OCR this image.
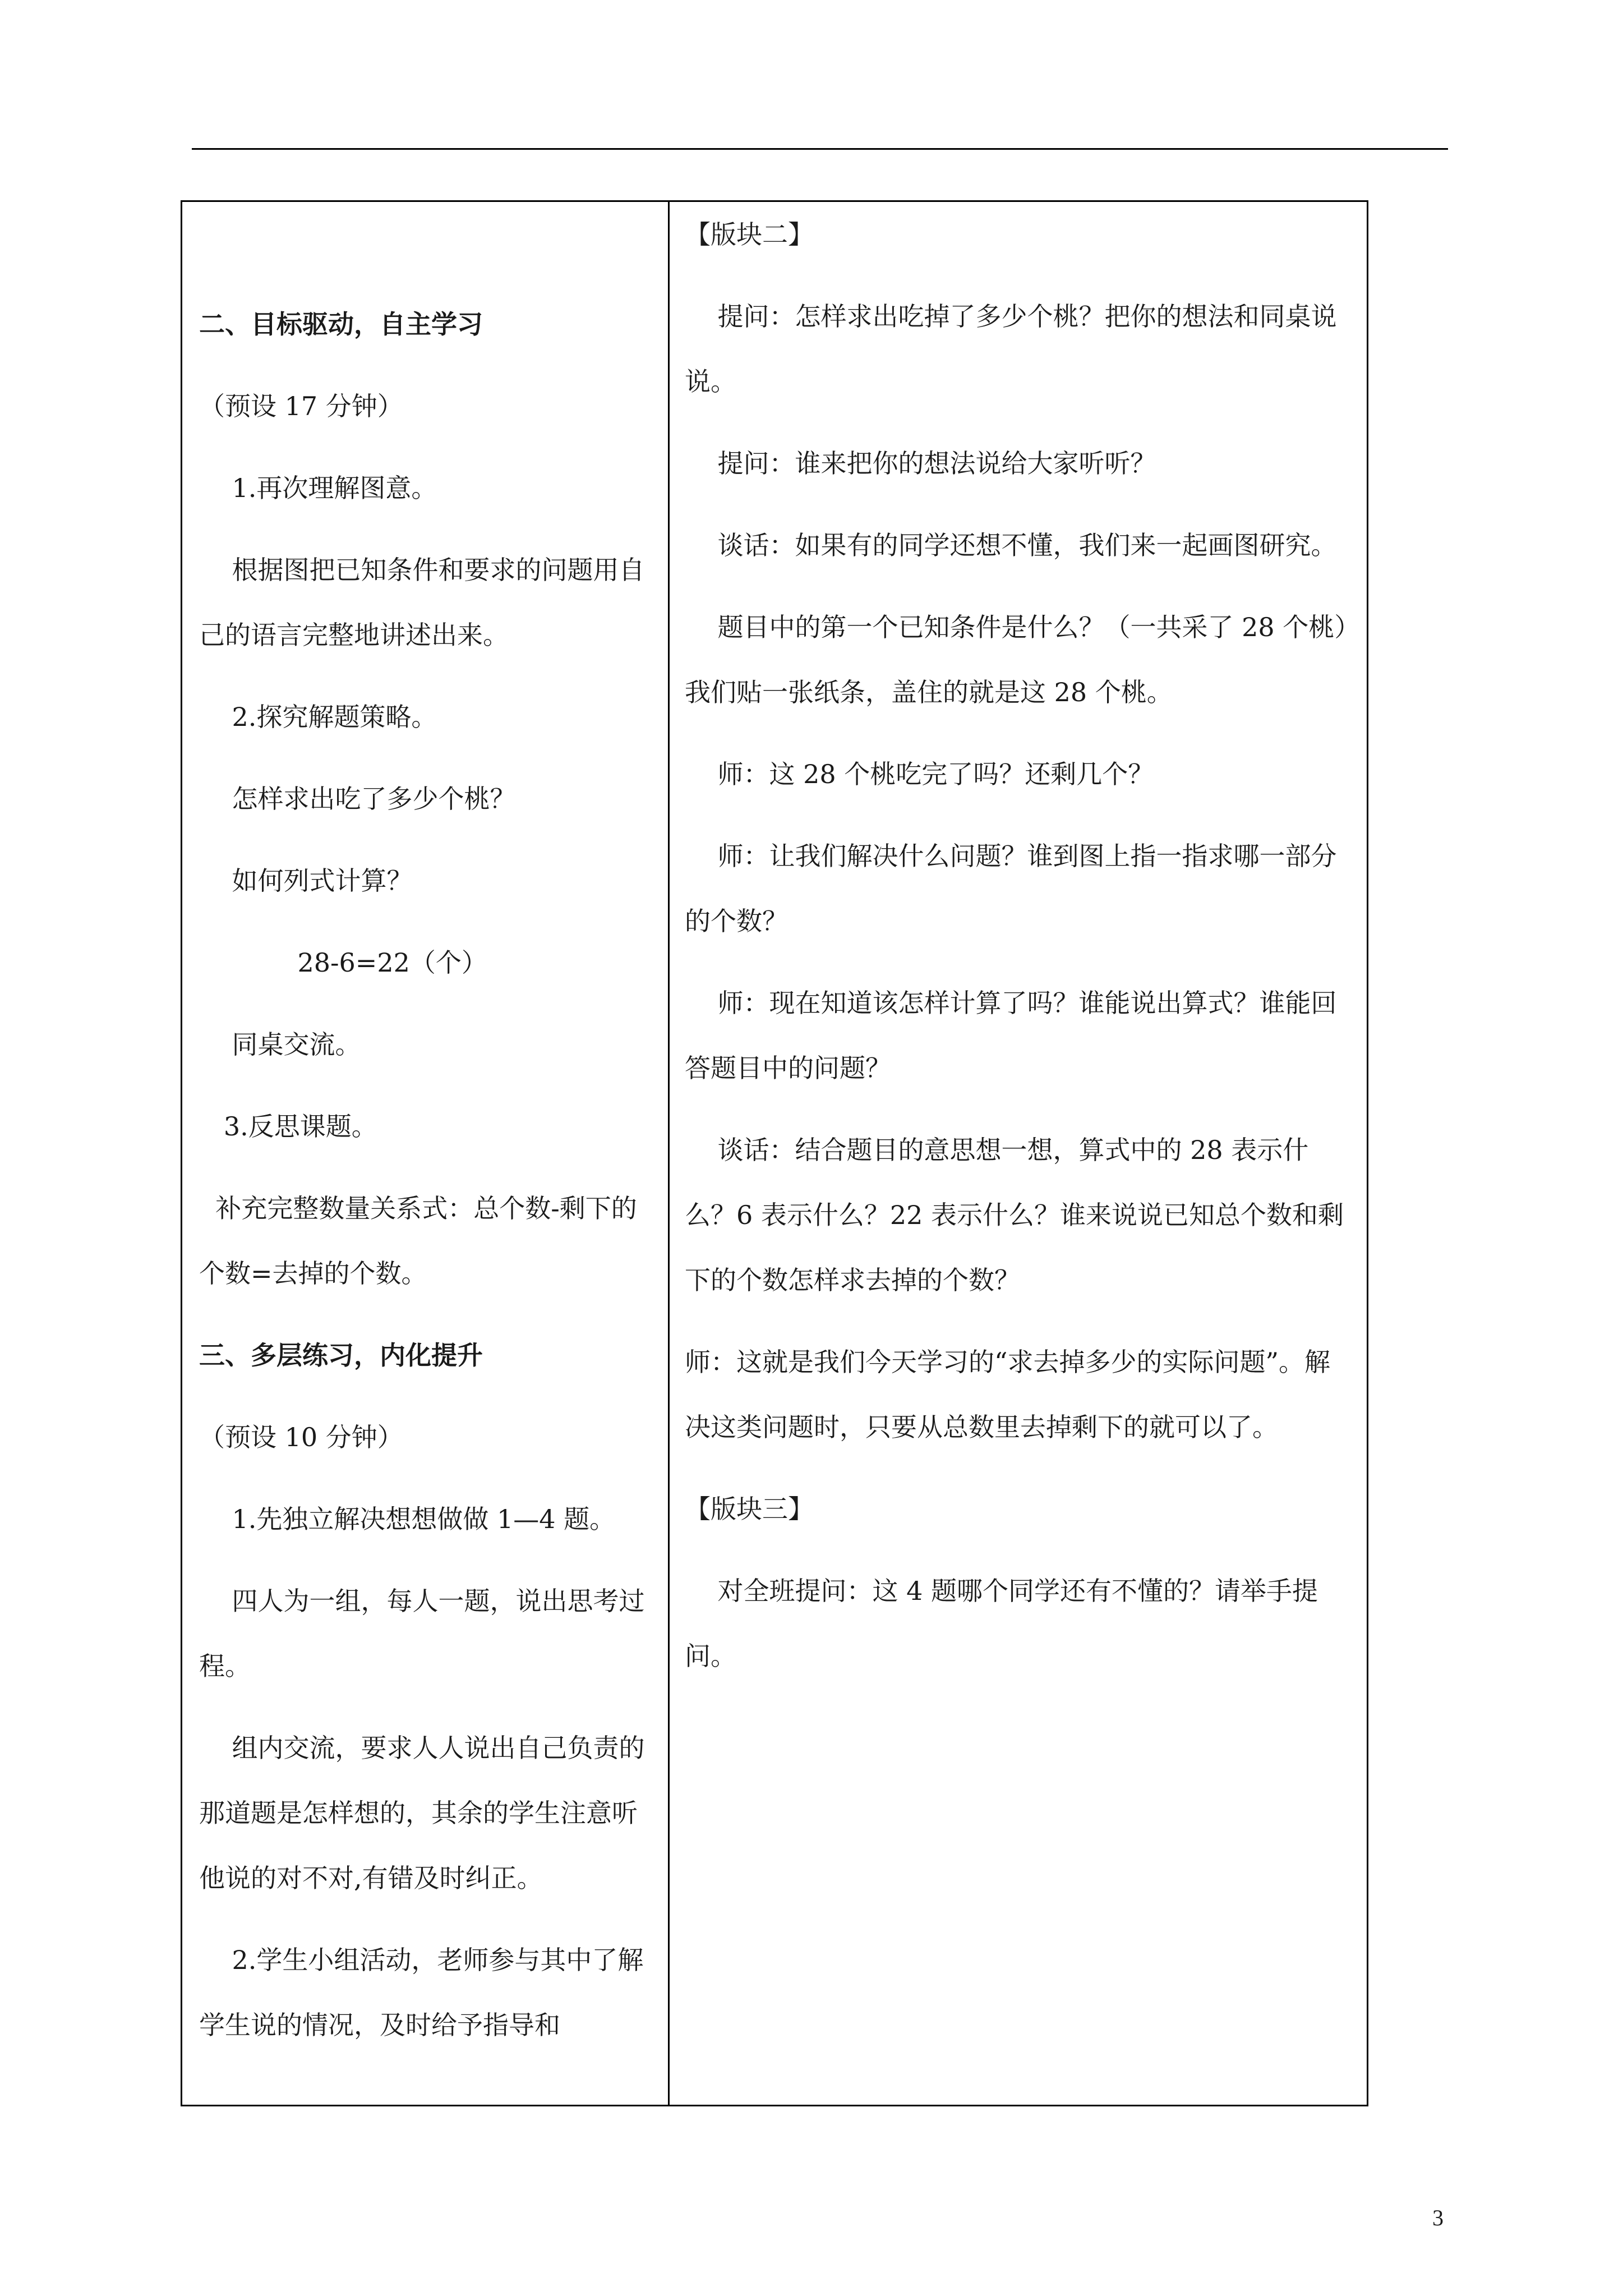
二、目标驱动，自主学习

（预设 17 分钟）

1.再次理解图意。

根据图把已知条件和要求的问题用自己的语言完整地讲述出来。

2.探究解题策略。

怎样求出吃了多少个桃？

如何列式计算？

28-6=22（个）

同桌交流。

3.反思课题。

补充完整数量关系式：总个数-剩下的个数=去掉的个数。

三、多层练习，内化提升

（预设 10 分钟）

1.先独立解决想想做做 1—4 题。

四人为一组，每人一题，说出思考过程。

组内交流，要求人人说出自己负责的那道题是怎样想的，其余的学生注意听他说的对不对,有错及时纠正。

2.学生小组活动，老师参与其中了解学生说的情况，及时给予指导和

【版块二】

提问：怎样求出吃掉了多少个桃？把你的想法和同桌说说。

提问：谁来把你的想法说给大家听听？

谈话：如果有的同学还想不懂，我们来一起画图研究。

题目中的第一个已知条件是什么？（一共采了 28 个桃）我们贴一张纸条，盖住的就是这 28 个桃。

师：这 28 个桃吃完了吗？还剩几个？

师：让我们解决什么问题？谁到图上指一指求哪一部分的个数？

师：现在知道该怎样计算了吗？谁能说出算式？谁能回答题目中的问题？

谈话：结合题目的意思想一想，算式中的 28 表示什么？6 表示什么？22 表示什么？谁来说说已知总个数和剩下的个数怎样求去掉的个数？

师：这就是我们今天学习的“求去掉多少的实际问题”。解决这类问题时，只要从总数里去掉剩下的就可以了。

【版块三】

对全班提问：这 4 题哪个同学还有不懂的？请举手提问。

3
